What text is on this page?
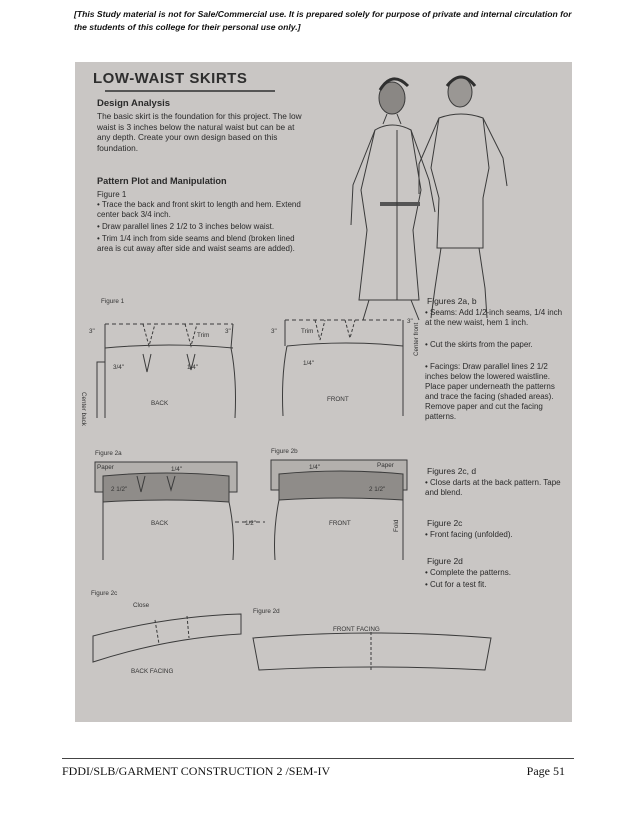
[This Study material is not for Sale/Commercial use. It is prepared solely for purpose of private and internal circulation for the students of this college for their personal use only.]
LOW-WAIST SKIRTS
Design Analysis
The basic skirt is the foundation for this project. The low waist is 3 inches below the natural waist but can be at any depth. Create your own design based on this foundation.
Pattern Plot and Manipulation
Figure 1
• Trace the back and front skirt to length and hem. Extend center back 3/4 inch.
• Draw parallel lines 2 1/2 to 3 inches below waist.
• Trim 1/4 inch from side seams and blend (broken lined area is cut away after side and waist seams are added).
Figures 2a, b
• Seams: Add 1/2-inch seams, 1/4 inch at the new waist, hem 1 inch.
• Cut the skirts from the paper.
• Facings: Draw parallel lines 2 1/2 inches below the lowered waistline. Place paper underneath the patterns and trace the facing (shaded areas). Remove paper and cut the facing patterns.
Figures 2c, d
• Close darts at the back pattern. Tape and blend.
Figure 2c
• Front facing (unfolded).
Figure 2d
• Complete the patterns.
• Cut for a test fit.
Figure 1
3"
Trim
3"	3"	Trim
3"
3/4"	1/4"
1/4"
Center back	BACK
FRONT
Center front
Figure 2a	Figure 2b
Paper	Paper
1/4"	1/4"
2 1/2"	2 1/2"
BACK	FRONT
1/2"	Fold
Figure 2c
Close
BACK FACING
Figure 2d
FRONT FACING
FDDI/SLB/GARMENT CONSTRUCTION 2 /SEM-IV	Page 51
